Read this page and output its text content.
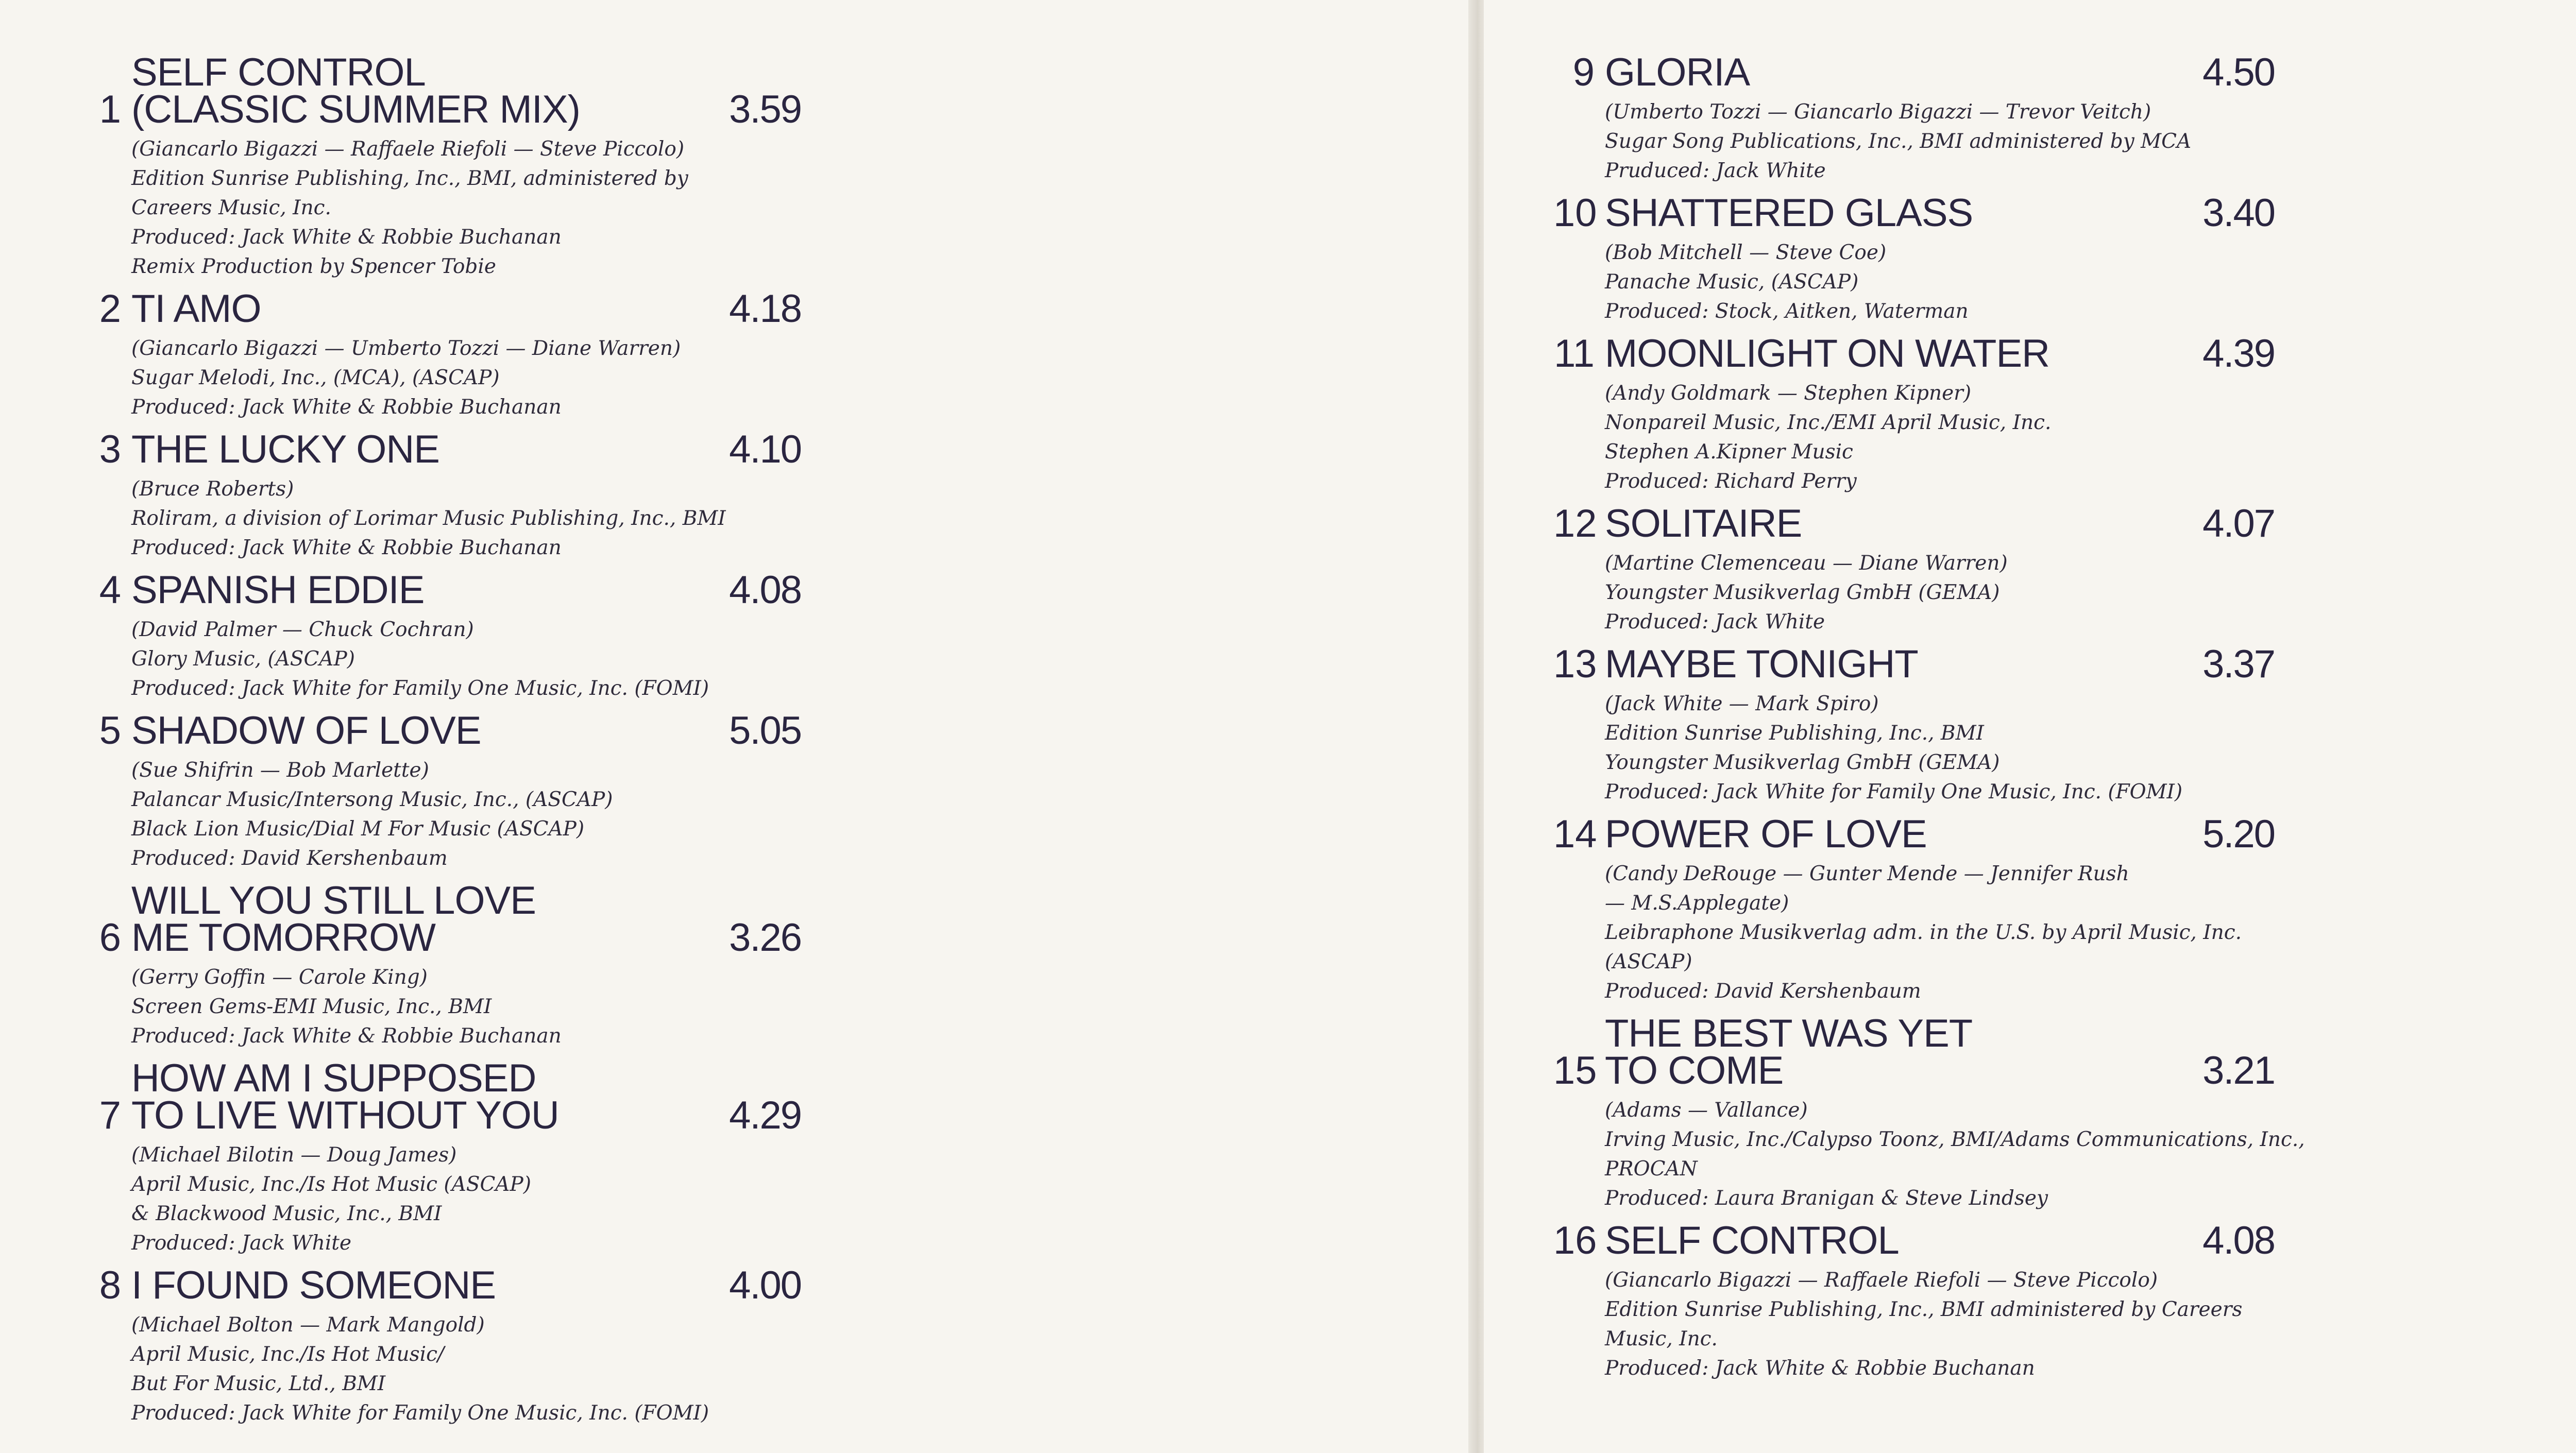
1
SELF CONTROL
(CLASSIC SUMMER MIX)	3.59
(Giancarlo Bigazzi — Raffaele Riefoli — Steve Piccolo)
Edition Sunrise Publishing, Inc., BMI, administered by
Careers Music, Inc.
Produced: Jack White & Robbie Buchanan
Remix Production by Spencer Tobie
2 TI AMO	4.18
(Giancarlo Bigazzi — Umberto Tozzi — Diane Warren)
Sugar Melodi, Inc., (MCA), (ASCAP)
Produced: Jack White & Robbie Buchanan
3 THE LUCKY ONE	4.10
(Bruce Roberts)
Roliram, a division of Lorimar Music Publishing, Inc., BMI
Produced: Jack White & Robbie Buchanan
4 SPANISH EDDIE	4.08
(David Palmer — Chuck Cochran)
Glory Music, (ASCAP)
Produced: Jack White for Family One Music, Inc. (FOMI)
5 SHADOW OF LOVE	5.05
(Sue Shifrin — Bob Marlette)
Palancar Music/Intersong Music, Inc., (ASCAP)
Black Lion Music/Dial M For Music (ASCAP)
Produced: David Kershenbaum
6
WILL YOU STILL LOVE
ME TOMORROW	3.26
(Gerry Goffin — Carole King)
Screen Gems-EMI Music, Inc., BMI
Produced: Jack White & Robbie Buchanan
7
HOW AM I SUPPOSED
TO LIVE WITHOUT YOU	4.29
(Michael Bilotin — Doug James)
April Music, Inc./Is Hot Music (ASCAP)
& Blackwood Music, Inc., BMI
Produced: Jack White
8 I FOUND SOMEONE	4.00
(Michael Bolton — Mark Mangold)
April Music, Inc./Is Hot Music/
But For Music, Ltd., BMI
Produced: Jack White for Family One Music, Inc. (FOMI)
9 GLORIA	4.50
(Umberto Tozzi — Giancarlo Bigazzi — Trevor Veitch)
Sugar Song Publications, Inc., BMI administered by MCA
Pruduced: Jack White
10 SHATTERED GLASS	3.40
(Bob Mitchell — Steve Coe)
Panache Music, (ASCAP)
Produced: Stock, Aitken, Waterman
11 MOONLIGHT ON WATER	4.39
(Andy Goldmark — Stephen Kipner)
Nonpareil Music, Inc./EMI April Music, Inc.
Stephen A.Kipner Music
Produced: Richard Perry
12 SOLITAIRE	4.07
(Martine Clemenceau — Diane Warren)
Youngster Musikverlag GmbH (GEMA)
Produced: Jack White
13 MAYBE TONIGHT	3.37
(Jack White — Mark Spiro)
Edition Sunrise Publishing, Inc., BMI
Youngster Musikverlag GmbH (GEMA)
Produced: Jack White for Family One Music, Inc. (FOMI)
14 POWER OF LOVE	5.20
(Candy DeRouge — Gunter Mende — Jennifer Rush
— M.S.Applegate)
Leibraphone Musikverlag adm. in the U.S. by April Music, Inc.
(ASCAP)
Produced: David Kershenbaum
15
THE BEST WAS YET
TO COME	3.21
(Adams — Vallance)
Irving Music, Inc./Calypso Toonz, BMI/Adams Communications, Inc.,
PROCAN
Produced: Laura Branigan & Steve Lindsey
16 SELF CONTROL	4.08
(Giancarlo Bigazzi — Raffaele Riefoli — Steve Piccolo)
Edition Sunrise Publishing, Inc., BMI administered by Careers
Music, Inc.
Produced: Jack White & Robbie Buchanan
